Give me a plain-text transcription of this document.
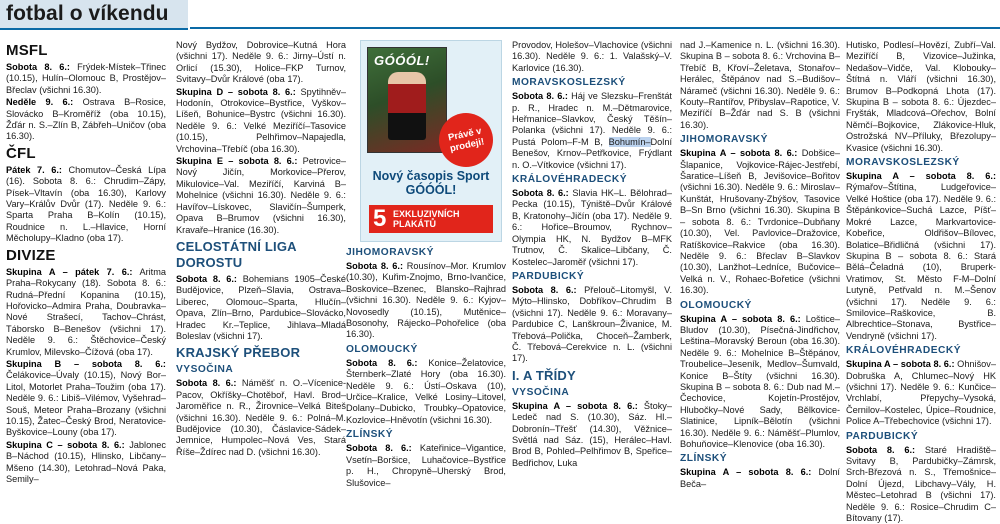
fotbal o víkendu
MSFL

Sobota 8. 6.: Frýdek-Místek–Třinec (10.15), Hulín–Olomouc B, Prostějov–Břeclav (všichni 16.30).

Neděle 9. 6.: Ostrava B–Rosice, Slovácko B–Kroměříž (oba 10.15), Žďár n. S.–Zlín B, Zábřeh–Uničov (oba 16.30).

ČFL

Pátek 7. 6.: Chomutov–Česká Lípa (16). Sobota 8. 6.: Chrudim–Zápy, Písek–Vltavín (oba 16.30), Karlovy Vary–Králův Dvůr (17). Neděle 9. 6.: Sparta Praha B–Kolín (10.15), Roudnice n. L.–Hlavice, Horní Měcholupy–Kladno (oba 17).

DIVIZE

Skupina A – pátek 7. 6.: Aritma Praha–Rokycany (18). Sobota 8. 6.: Rudná–Přední Kopanina (10.15), Hořovicko–Admira Praha, Doubravka–Nové Strašecí, Tachov–Chrást, Táborsko B–Benešov (všichni 17). Neděle 9. 6.: Štěchovice–Český Krumlov, Milevsko–Čížová (oba 17).

Skupina B – sobota 8. 6.: Čelákovice–Úvaly (10.15), Nový Bor–Litol, Motorlet Praha–Toužim (oba 17). Neděle 9. 6.: Libiš–Vilémov, Vyšehrad–Souš, Meteor Praha–Brozany (všichni 10.15), Žatec–Český Brod, Neratovice-Byškovice–Louny (oba 17).

Skupina C – sobota 8. 6.: Jablonec B–Náchod (10.15), Hlinsko, Libčany–Mšeno (14.30), Letohrad–Nová Paka, Semily–

Nový Bydžov, Dobrovice–Kutná Hora (všichni 17). Neděle 9. 6.: Jirny–Ústí n. Orlicí (15.30), Holice–FKP Turnov, Svitavy–Dvůr Králové (oba 17).

Skupina D – sobota 8. 6.: Spytihněv–Hodonín, Otrokovice–Bystřice, Vyškov–Líšeň, Bohunice–Bystrc (všichni 16.30). Neděle 9. 6.: Velké Meziříčí–Tasovice (10.15), Pelhřimov–Napajedla, Vrchovina–Třebíč (oba 16.30).

Skupina E – sobota 8. 6.: Petrovice–Nový Jičín, Morkovice–Přerov, Mikulovice–Val. Meziříčí, Karviná B–Mohelnice (všichni 16.30). Neděle 9. 6.: Havířov–Lískovec, Slavičín–Šumperk, Opava B–Brumov (všichni 16.30), Kravaře–Hranice (16.30).

CELOSTÁTNÍ LIGA DOROSTU

Sobota 8. 6.: Bohemians 1905–České Budějovice, Plzeň–Slavia, Ostrava–Liberec, Olomouc–Sparta, Hlučín–Opava, Zlín–Brno, Pardubice–Slovácko, Hradec Kr.–Teplice, Jihlava–Mladá Boleslav (všichni 17).

KRAJSKÝ PŘEBOR
VYSOČINA

Sobota 8. 6.: Náměšť n. O.–Vícenice-Pacov, Okříšky–Chotěboř, Havl. Brod–Jaroměřice n. R., Žirovnice–Velká Biteš (všichni 16.30). Neděle 9. 6.: Polná–M. Budějovice (10.30), Čáslavice-Sádek–Jemnice, Humpolec–Nová Ves, Stará Říše–Ždírec nad D. (všichni 16.30).

GÓÓÓL!
Právě v prodeji!
Nový časopis Sport GÓÓÓL!
5 EXKLUZIVNÍCH PLAKÁTŮ
JIHOMORAVSKÝ

Sobota 8. 6.: Rousínov–Mor. Krumlov (10.30), Kuřim-Znojmo, Brno-Ivančice, Boskovice–Bzenec, Blansko–Rajhrad (všichni 16.30). Neděle 9. 6.: Kyjov–Novosedly (10.15), Mutěnice–Bosonohy, Rájecko–Pohořelice (oba 16.30).

OLOMOUCKÝ

Sobota 8. 6.: Konice–Želatovice, Šternberk–Zlaté Hory (oba 16.30). Neděle 9. 6.: Ústí–Oskava (10), Určice–Kralice, Velké Losiny–Litovel, Dolany–Dubicko, Troubky–Opatovice, Kozlovice–Hněvotín (všichni 16.30).

ZLÍNSKÝ

Sobota 8. 6.: Kateřinice–Vigantice, Vsetín–Boršice, Luhačovice–Bystřice p. H., Chropyně–Uherský Brod, Slušovice–

Provodov, Holešov–Vlachovice (všichni 16.30). Neděle 9. 6.: 1. Valašský–V. Karlovice (16.30).

MORAVSKOSLEZSKÝ

Sobota 8. 6.: Háj ve Slezsku–Frenštát p. R., Hradec n. M.–Dětmarovice, Heřmanice–Slavkov, Český Těšín–Polanka (všichni 17). Neděle 9. 6.: Pustá Polom–F-M B, Bohumín–Dolní Benešov, Krnov–Petřkovice, Frýdlant n. O.–Vítkovice (všichni 17).

KRÁLOVÉHRADECKÝ

Sobota 8. 6.: Slavia HK–L. Bělohrad–Pecka (10.15), Týniště–Dvůr Králové B, Kratonohy–Jičín (oba 17). Neděle 9. 6.: Hořice–Broumov, Rychnov–Olympia HK, N. Bydžov B–MFK Trutnov, Č. Skalice–Libčany, Č. Kostelec–Jaroměř (všichni 17).

PARDUBICKÝ

Sobota 8. 6.: Přelouč–Litomyšl, V. Mýto–Hlinsko, Dobříkov–Chrudim B (všichni 17). Neděle 9. 6.: Moravany–Pardubice C, Lanškroun–Živanice, M. Třebová–Polička, Choceň–Žamberk, Č. Třebová–Cerekvice n. L. (všichni 17).

I. A TŘÍDY
VYSOČINA

Skupina A – sobota 8. 6.: Štoky–Ledeč nad S. (10.30), Sáz. Hl.–Dobronín–Třešť (14.30), Věžnice–Světlá nad Sáz. (15), Herálec–Havl. Brod B, Pohled–Pelhřimov B, Speřice–Bedřichov, Luka

nad J.–Kamenice n. L. (všichni 16.30). Skupina B – sobota 8. 6.: Vrchovina B–Třebíč B, Křoví–Želetava, Stonařov–Herálec, Štěpánov nad S.–Budišov–Náramеč (všichni 16.30). Neděle 9. 6.: Kouty–Rantířov, Přibyslav–Rapotice, V. Meziříčí B–Žďár nad S. B (všichni 16.30).

JIHOMORAVSKÝ

Skupina A – sobota 8. 6.: Dobšice–Šlapanice, Vojkovice-Rájec-Jestřebí, Šaratice–Líšeň B, Jevišovice–Bořitov (všichni 16.30). Neděle 9. 6.: Miroslav–Kunštát, Hrušovany-Zbýšov, Tasovice B–Sn Brno (všichni 16.30). Skupina B – sobota 8. 6.: Tvrdonice–Dubňany (10.30), Vel. Pavlovice–Dražovice, Ratíškovice–Rakvice (oba 16.30). Neděle 9. 6.: Břeclav B–Slavkov (10.30), Lanžhot–Ledníce, Bučovice–Velká n. V., Rohaec-Bořetice (všichni 16.30).

OLOMOUCKÝ

Skupina A – sobota 8. 6.: Loštice–Bludov (10.30), Písečná-Jindřichov, Leština–Moravský Beroun (oba 16.30). Neděle 9. 6.: Mohelnice B–Štěpánov, Troubelice–Jeseník, Medlov–Šumvald, Konice B–Štíty (všichni 16.30). Skupina B – sobota 8. 6.: Dub nad M.–Čechovice, Kojetín-Prostějov, Hlubočky–Nové Sady, Bělkovice-Slatinice, Lipník–Bělotín (všichni 16.30). Neděle 9. 6.: Náměšť–Plumlov, Bohuňovice–Klenovice (oba 16.30).

ZLÍNSKÝ

Skupina A – sobota 8. 6.: Dolní Beča–

Hutisko, Podlesí–Hovězí, Zubří–Val. Meziříčí B, Vizovice–Južinka, Nedašov–Vidče, Val. Klobouky–Štítná n. Vláří (všichni 16.30), Brumov B–Podkopná Lhota (17). Skupina B – sobota 8. 6.: Újezdec–Fryšták, Mladcová–Ořechov, Bolní Němčí–Bojkovice, Zlákovice-Hluk, Ostrožská NV–Příluky, Březolupy–Kvasice (všichni 16.30).

MORAVSKOSLEZSKÝ

Skupina A – sobota 8. 6.: Rýmařov–Štítina, Ludgeřovice–Velké Hoštice (oba 17). Neděle 9. 6.: Štěpánkovice–Suchá Lazce, Píšť–Mokré Lazce, Markvartovice-Kobeřice, Oldřišov–Bílovec, Bolatice–Břidličná (všichni 17). Skupina B – sobota 8. 6.: Stará Bělá–Čeladná (10), Bruperk-Vratimov, St. Město F-M–Dolní Lutyně, Petřvald n. M.–Šenov (všichni 17). Neděle 9. 6.: Smilovice–Raškovice, B. Albrechtice–Stonava, Bystřice–Vendryně (všichni 17).

KRÁLOVÉHRADECKÝ

Skupina A – sobota 8. 6.: Ohnišov–Dobruška A, Chlumec–Nový HK (všichni 17). Neděle 9. 6.: Kunčice–Vrchlabí, Přepychy–Vysoká, Černilov–Kostelec, Úpice–Roudnice, Police A–Třebechovice (všichni 17).

PARDUBICKÝ

Sobota 8. 6.: Staré Hradiště–Svitavy B, Pardubičky–Zámrsk, Srch-Březová n. S., Třemošnice–Dolní Újezd, Libchavy–Vály, H. Městec–Letohrad B (všichni 17). Neděle 9. 6.: Rosice–Chrudim C–Bítovany (17).
